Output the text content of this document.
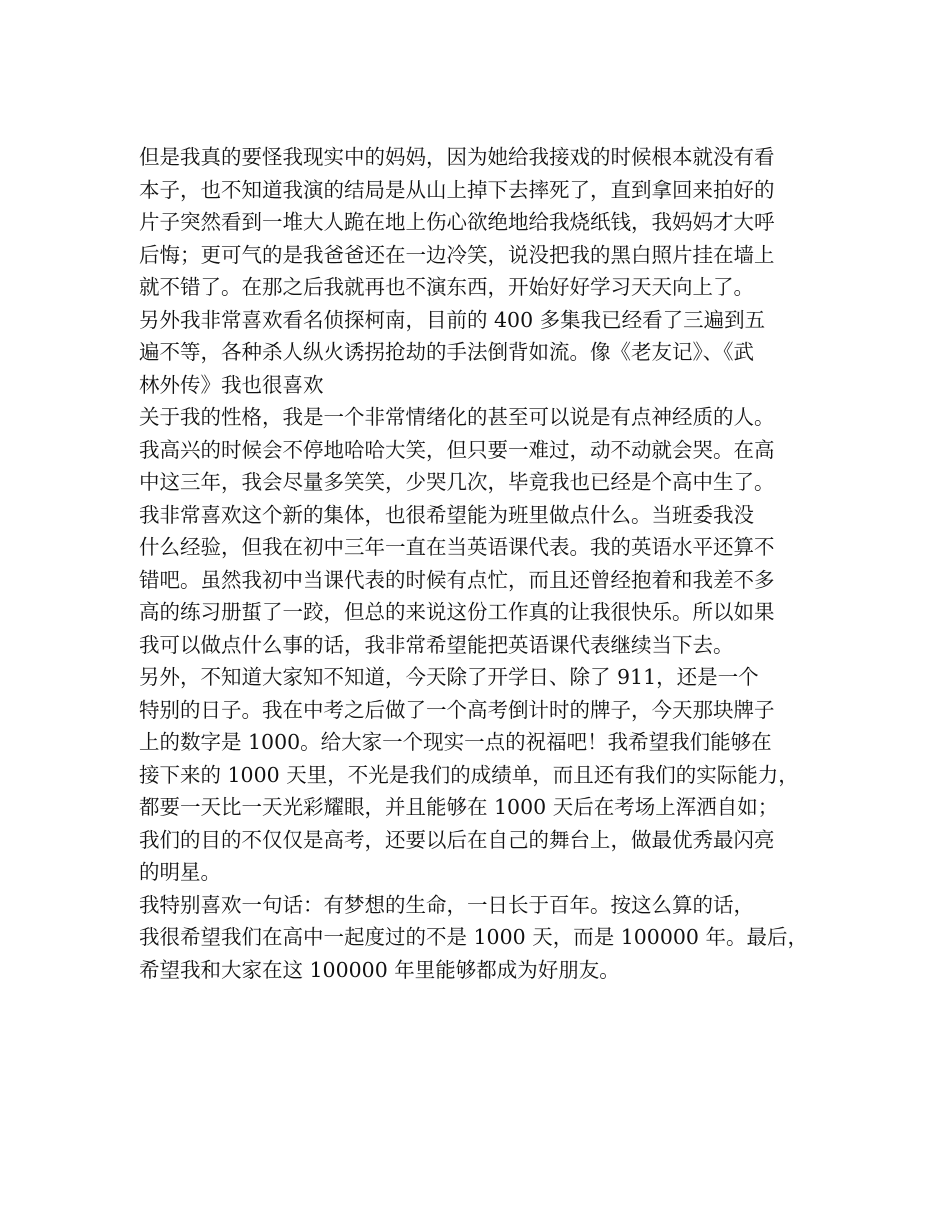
但是我真的要怪我现实中的妈妈，因为她给我接戏的时候根本就没有看
本子，也不知道我演的结局是从山上掉下去摔死了，直到拿回来拍好的
片子突然看到一堆大人跪在地上伤心欲绝地给我烧纸钱，我妈妈才大呼
后悔；更可气的是我爸爸还在一边冷笑，说没把我的黑白照片挂在墙上
就不错了。在那之后我就再也不演东西，开始好好学习天天向上了。
另外我非常喜欢看名侦探柯南，目前的 400 多集我已经看了三遍到五
遍不等，各种杀人纵火诱拐抢劫的手法倒背如流。像《老友记》、《武
林外传》我也很喜欢
关于我的性格，我是一个非常情绪化的甚至可以说是有点神经质的人。
我高兴的时候会不停地哈哈大笑，但只要一难过，动不动就会哭。在高
中这三年，我会尽量多笑笑，少哭几次，毕竟我也已经是个高中生了。
我非常喜欢这个新的集体，也很希望能为班里做点什么。当班委我没
什么经验，但我在初中三年一直在当英语课代表。我的英语水平还算不
错吧。虽然我初中当课代表的时候有点忙，而且还曾经抱着和我差不多
高的练习册蜇了一跤，但总的来说这份工作真的让我很快乐。所以如果
我可以做点什么事的话，我非常希望能把英语课代表继续当下去。
另外，不知道大家知不知道，今天除了开学日、除了 911，还是一个
特别的日子。我在中考之后做了一个高考倒计时的牌子，今天那块牌子
上的数字是 1000。给大家一个现实一点的祝福吧！我希望我们能够在
接下来的 1000 天里，不光是我们的成绩单，而且还有我们的实际能力，
都要一天比一天光彩耀眼，并且能够在 1000 天后在考场上浑洒自如；
我们的目的不仅仅是高考，还要以后在自己的舞台上，做最优秀最闪亮
的明星。
我特别喜欢一句话：有梦想的生命，一日长于百年。按这么算的话，
我很希望我们在高中一起度过的不是 1000 天，而是 100000 年。最后，
希望我和大家在这 100000 年里能够都成为好朋友。
